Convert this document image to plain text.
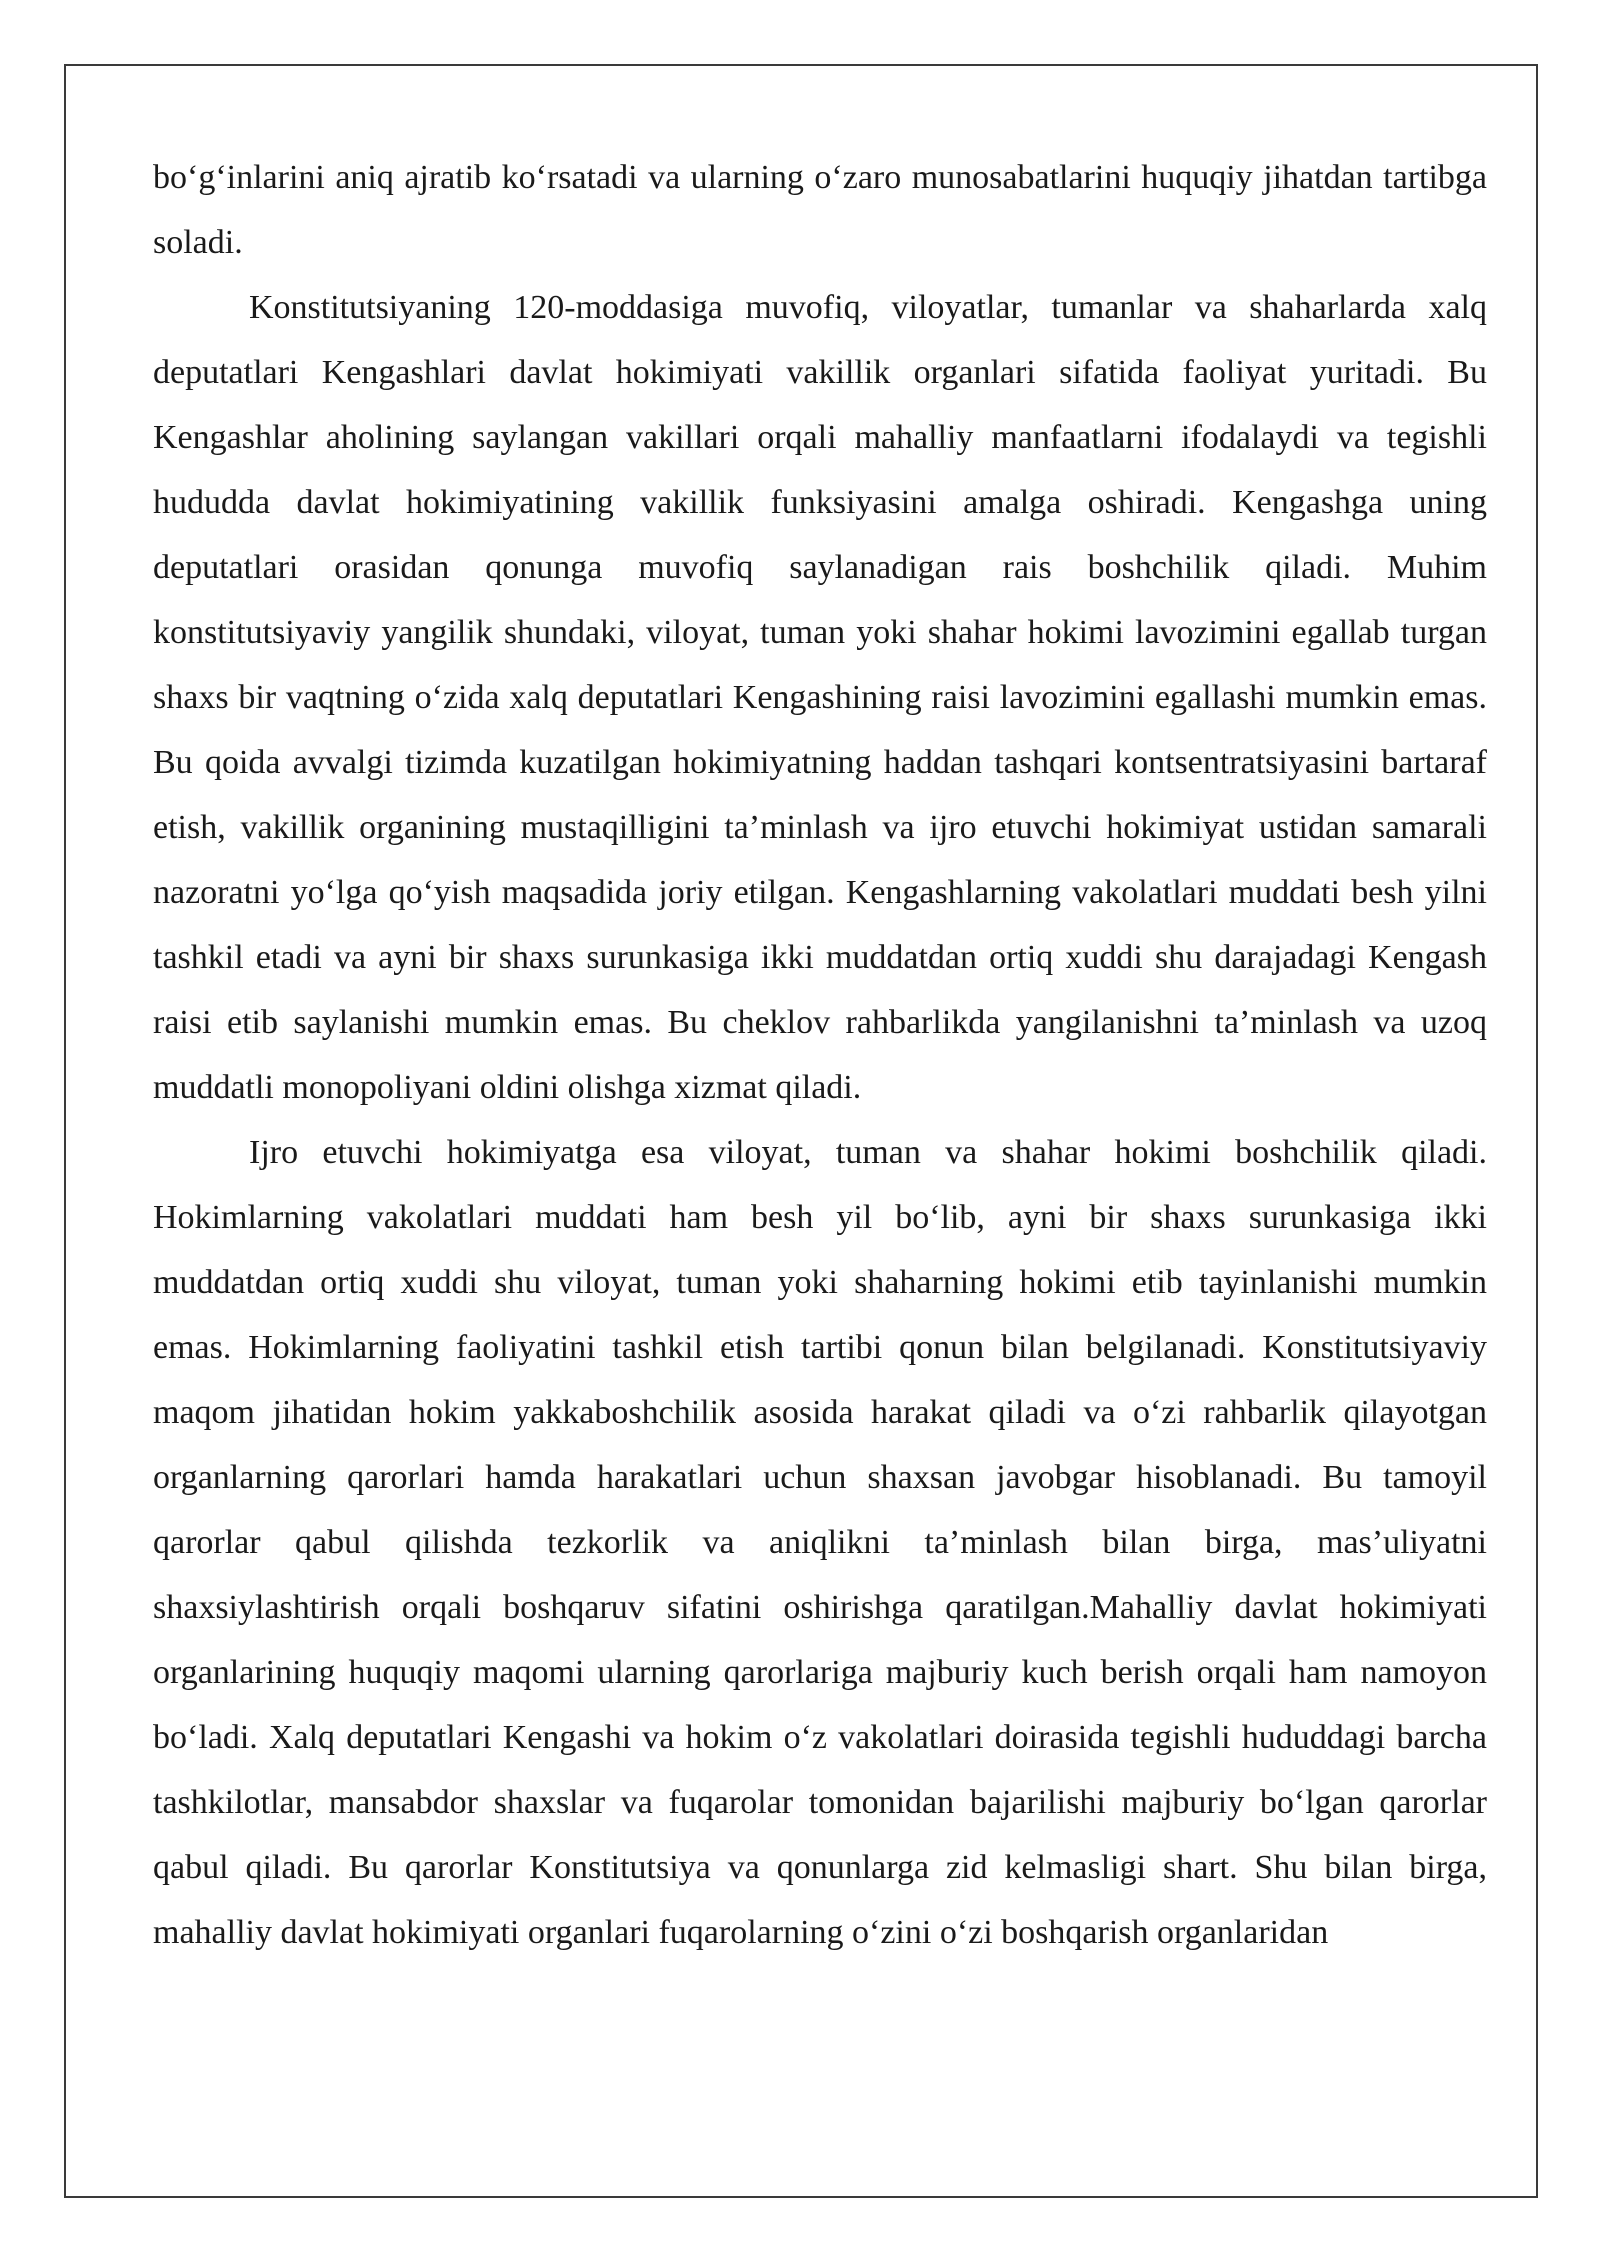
bo‘g‘inlarini aniq ajratib ko‘rsatadi va ularning o‘zaro munosabatlarini huquqiy jihatdan tartibga soladi.

Konstitutsiyaning 120-moddasiga muvofiq, viloyatlar, tumanlar va shaharlarda xalq deputatlari Kengashlari davlat hokimiyati vakillik organlari sifatida faoliyat yuritadi. Bu Kengashlar aholining saylangan vakillari orqali mahalliy manfaatlarni ifodalaydi va tegishli hududda davlat hokimiyatining vakillik funksiyasini amalga oshiradi. Kengashga uning deputatlari orasidan qonunga muvofiq saylanadigan rais boshchilik qiladi. Muhim konstitutsiyaviy yangilik shundaki, viloyat, tuman yoki shahar hokimi lavozimini egallab turgan shaxs bir vaqtning o‘zida xalq deputatlari Kengashining raisi lavozimini egallashi mumkin emas. Bu qoida avvalgi tizimda kuzatilgan hokimiyatning haddan tashqari kontsentratsiyasini bartaraf etish, vakillik organining mustaqilligini ta’minlash va ijro etuvchi hokimiyat ustidan samarali nazoratni yo‘lga qo‘yish maqsadida joriy etilgan. Kengashlarning vakolatlari muddati besh yilni tashkil etadi va ayni bir shaxs surunkasiga ikki muddatdan ortiq xuddi shu darajadagi Kengash raisi etib saylanishi mumkin emas. Bu cheklov rahbarlikda yangilanishni ta’minlash va uzoq muddatli monopoliyani oldini olishga xizmat qiladi.

Ijro etuvchi hokimiyatga esa viloyat, tuman va shahar hokimi boshchilik qiladi. Hokimlarning vakolatlari muddati ham besh yil bo‘lib, ayni bir shaxs surunkasiga ikki muddatdan ortiq xuddi shu viloyat, tuman yoki shaharning hokimi etib tayinlanishi mumkin emas. Hokimlarning faoliyatini tashkil etish tartibi qonun bilan belgilanadi. Konstitutsiyaviy maqom jihatidan hokim yakkaboshchilik asosida harakat qiladi va o‘zi rahbarlik qilayotgan organlarning qarorlari hamda harakatlari uchun shaxsan javobgar hisoblanadi. Bu tamoyil qarorlar qabul qilishda tezkorlik va aniqlikni ta’minlash bilan birga, mas’uliyatni shaxsiylashtirish orqali boshqaruv sifatini oshirishga qaratilgan.Mahalliy davlat hokimiyati organlarining huquqiy maqomi ularning qarorlariga majburiy kuch berish orqali ham namoyon bo‘ladi. Xalq deputatlari Kengashi va hokim o‘z vakolatlari doirasida tegishli hududdagi barcha tashkilotlar, mansabdor shaxslar va fuqarolar tomonidan bajarilishi majburiy bo‘lgan qarorlar qabul qiladi. Bu qarorlar Konstitutsiya va qonunlarga zid kelmasligi shart. Shu bilan birga, mahalliy davlat hokimiyati organlari fuqarolarning o‘zini o‘zi boshqarish organlaridan
